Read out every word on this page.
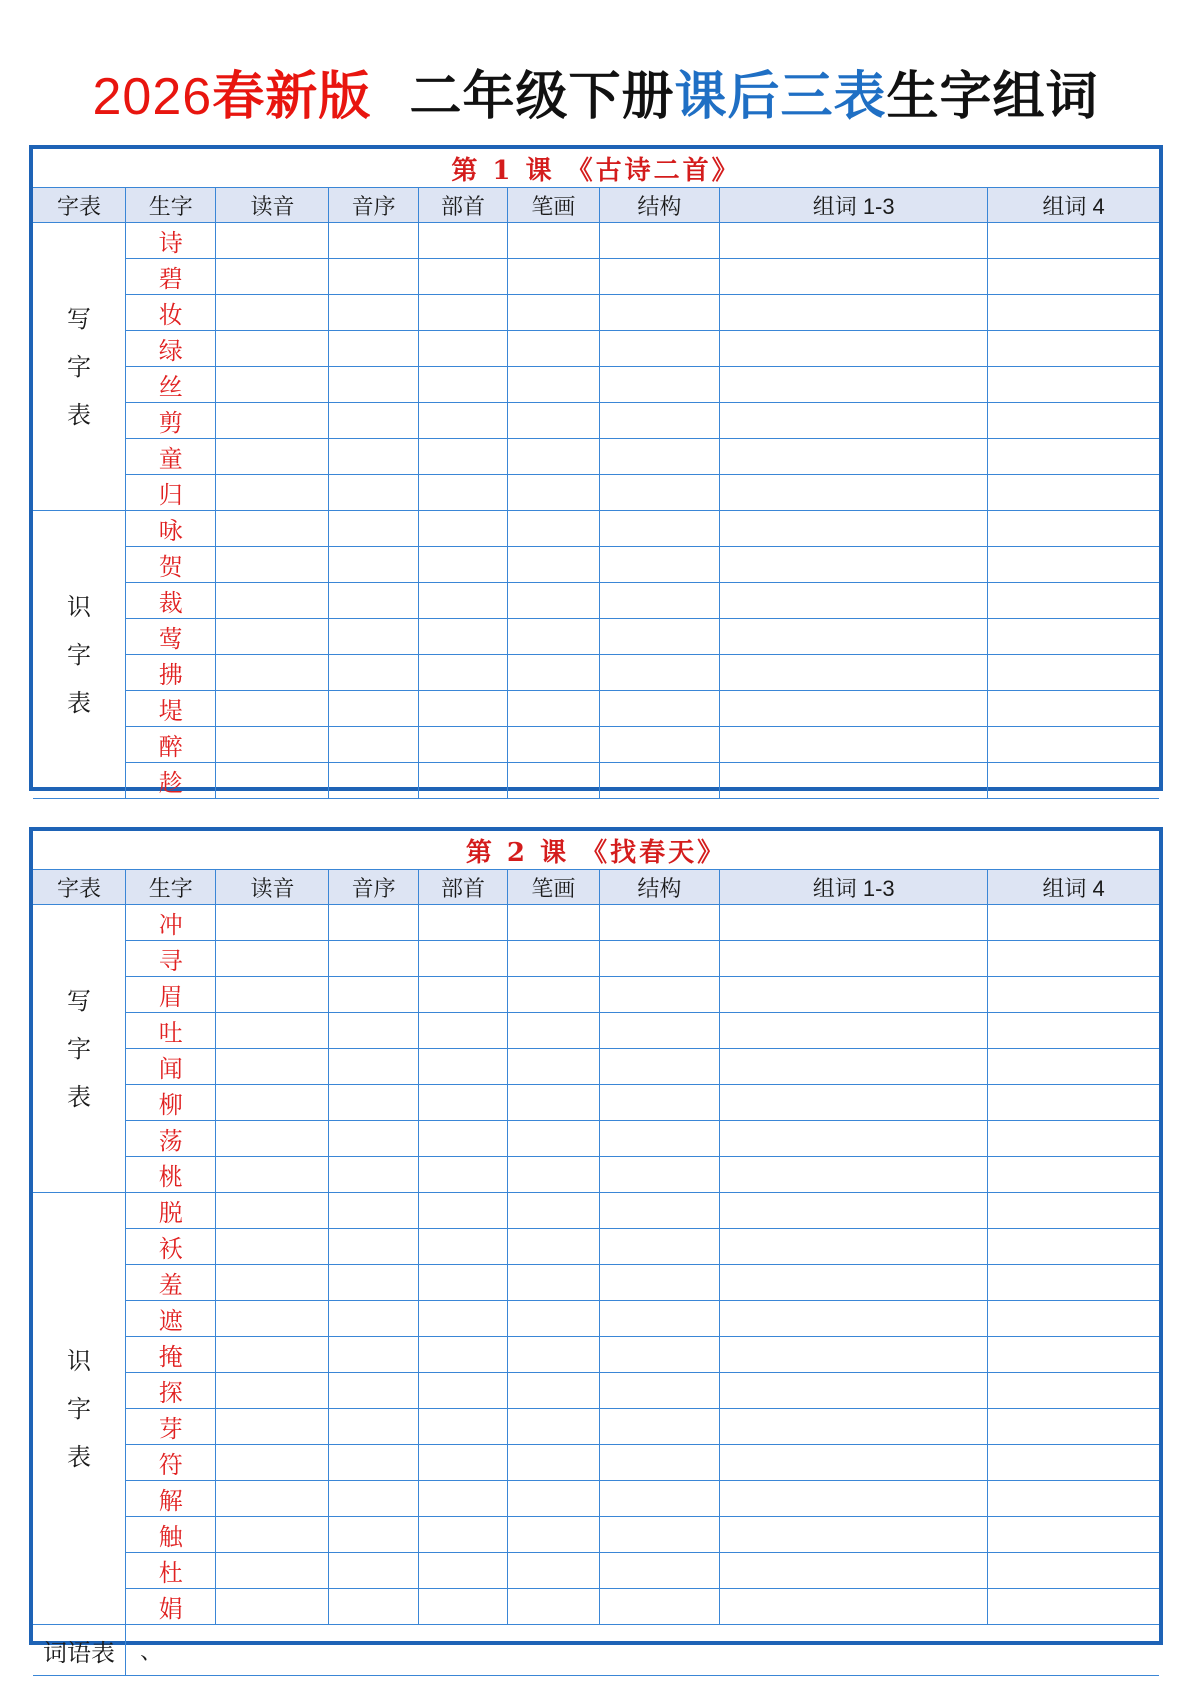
2026春新版 二年级下册课后三表生字组词
第 1 课 《古诗二首》								
字表	生字	读音	音序	部首	笔画	结构	组词 1-3	组词 4

写
字
表	诗							
	碧							
	妆							
	绿							
	丝							
	剪							
	童							
	归							

识
字
表	咏							
	贺							
	裁							
	莺							
	拂							
	堤							
	醉							
	趁							
第 2 课 《找春天》								
字表	生字	读音	音序	部首	笔画	结构	组词 1-3	组词 4

写
字
表	冲							
	寻							
	眉							
	吐							
	闻							
	柳							
	荡							
	桃							

识
字
表	脱							
	袄							
	羞							
	遮							
	掩							
	探							
	芽							
	符							
	解							
	触							
	杜							
	娟							
词语表	、							
